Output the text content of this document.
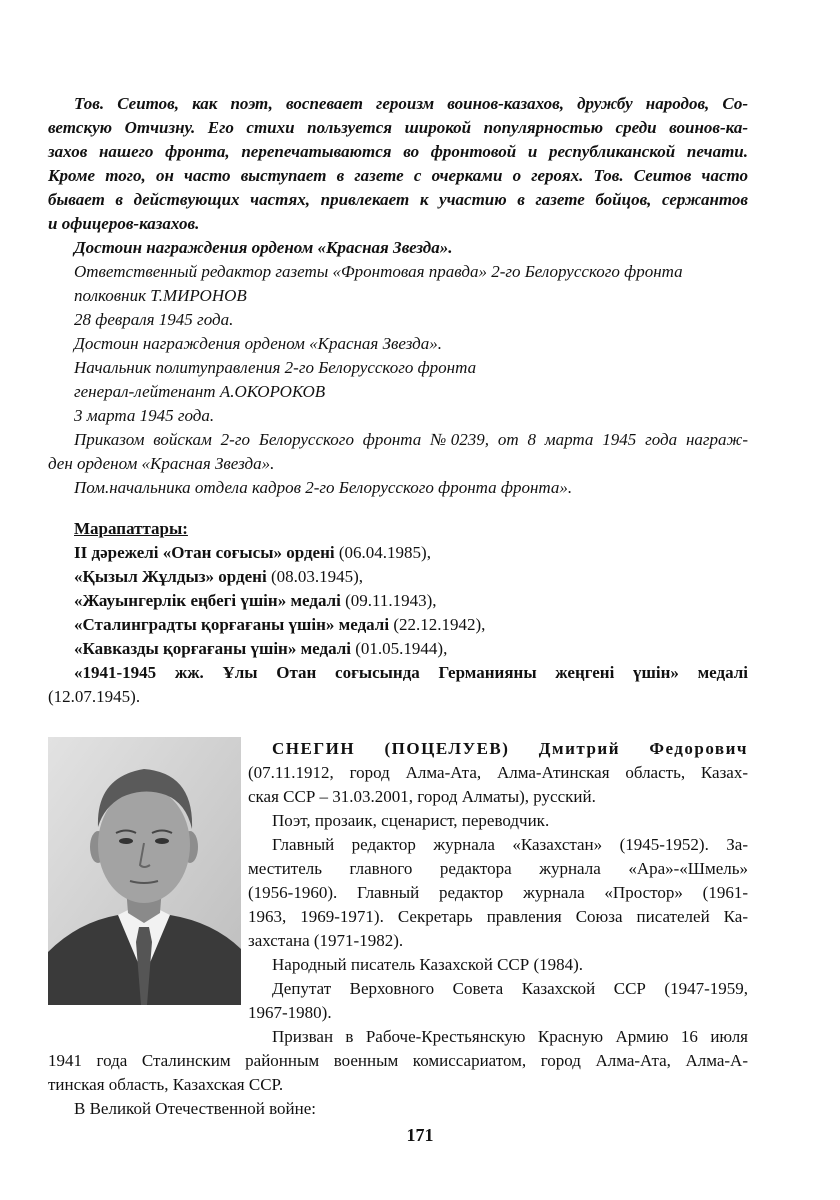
Тов. Сеитов, как поэт, воспевает героизм воинов-казахов, дружбу народов, Со-
ветскую Отчизну. Его стихи пользуется широкой популярностью среди воинов-ка-
захов нашего фронта, перепечатываются во фронтовой и республиканской печати.
Кроме того, он часто выступает в газете с очерками о героях. Тов. Сеитов часто
бывает в действующих частях, привлекает к участию в газете бойцов, сержантов
и офицеров-казахов.
Достоин награждения орденом «Красная Звезда».
Ответственный редактор газеты «Фронтовая правда» 2-го Белорусского фронта
полковник Т.МИРОНОВ
28 февраля 1945 года.
Достоин награждения орденом «Красная Звезда».
Начальник политуправления 2-го Белорусского фронта
генерал-лейтенант А.ОКОРОКОВ
3 марта 1945 года.
Приказом войскам 2-го Белорусского фронта №0239, от 8 марта 1945 года награж-
ден орденом «Красная Звезда».
Пом.начальника отдела кадров 2-го Белорусского фронта фронта».
Марапаттары:
II дәрежелі «Отан соғысы» ордені (06.04.1985),
«Қызыл Жұлдыз» ордені (08.03.1945),
«Жауынгерлік еңбегі үшін» медалі (09.11.1943),
«Сталинградты қорғағаны үшін» медалі (22.12.1942),
«Кавказды қорғағаны үшін» медалі (01.05.1944),
«1941-1945 жж. Ұлы Отан соғысында Германияны жеңгені үшін» медалі
(12.07.1945).
СНЕГИН (ПОЦЕЛУЕВ) Дмитрий Федорович
(07.11.1912, город Алма-Ата, Алма-Атинская область, Казах-
ская ССР – 31.03.2001, город Алматы), русский.
Поэт, прозаик, сценарист, переводчик.
Главный редактор журнала «Казахстан» (1945-1952). За-
меститель главного редактора журнала «Ара»-«Шмель»
(1956-1960). Главный редактор журнала «Простор» (1961-
1963, 1969-1971). Секретарь правления Союза писателей Ка-
захстана (1971-1982).
Народный писатель Казахской ССР (1984).
Депутат Верховного Совета Казахской ССР (1947-1959,
1967-1980).
Призван в Рабоче-Крестьянскую Красную Армию 16 июля
1941 года Сталинским районным военным комиссариатом, город Алма-Ата, Алма-А-
тинская область, Казахская ССР.
В Великой Отечественной войне:
171
